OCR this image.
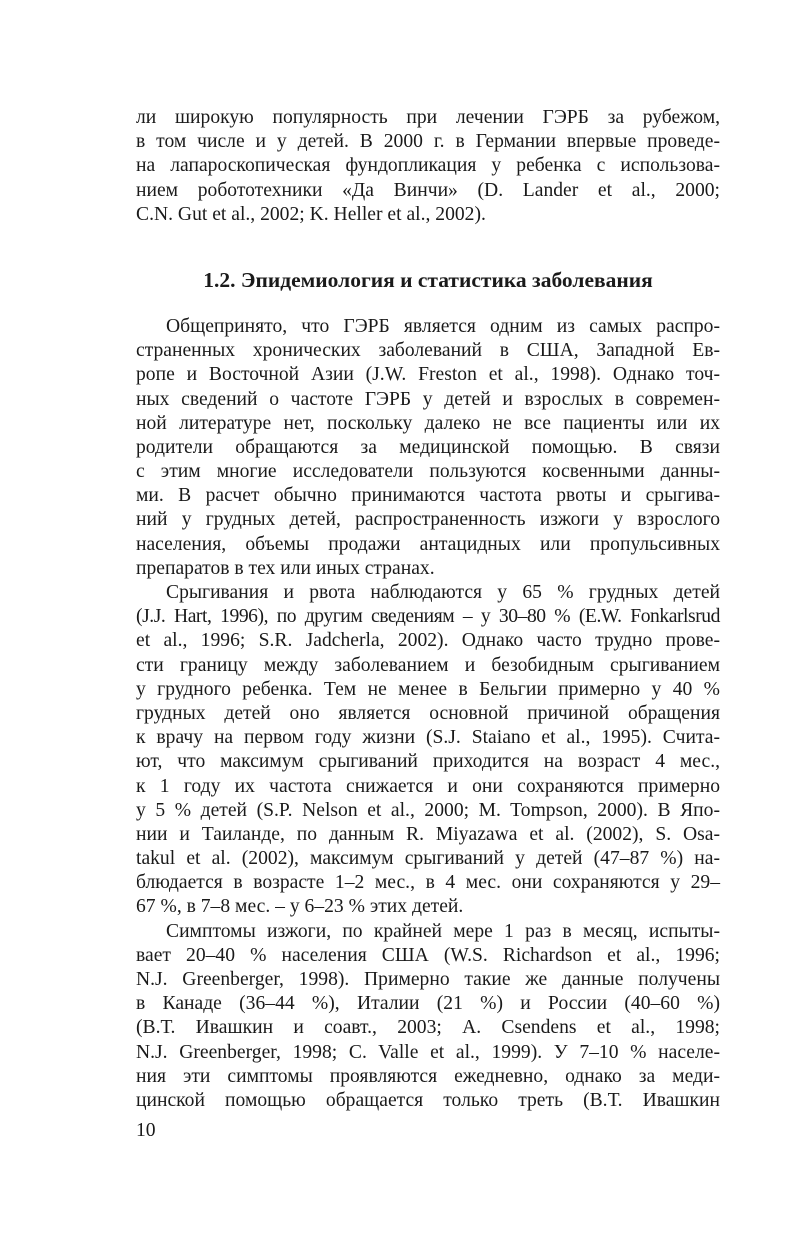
ли широкую популярность при лечении ГЭРБ за рубежом,
в том числе и у детей. В 2000 г. в Германии впервые проведе-
на лапароскопическая фундопликация у ребенка с использова-
нием робототехники «Да Винчи» (D. Lander et al., 2000;
C.N. Gut et al., 2002; K. Heller et al., 2002).
1.2. Эпидемиология и статистика заболевания
Общепринято, что ГЭРБ является одним из самых распро-
страненных хронических заболеваний в США, Западной Ев-
ропе и Восточной Азии (J.W. Freston et al., 1998). Однако точ-
ных сведений о частоте ГЭРБ у детей и взрослых в современ-
ной литературе нет, поскольку далеко не все пациенты или их
родители обращаются за медицинской помощью. В связи
с этим многие исследователи пользуются косвенными данны-
ми. В расчет обычно принимаются частота рвоты и срыгива-
ний у грудных детей, распространенность изжоги у взрослого
населения, объемы продажи антацидных или пропульсивных
препаратов в тех или иных странах.
Срыгивания и рвота наблюдаются у 65 % грудных детей
(J.J. Hart, 1996), по другим сведениям – у 30–80 % (E.W. Fonkarlsrud
et al., 1996; S.R. Jadcherla, 2002). Однако часто трудно прове-
сти границу между заболеванием и безобидным срыгиванием
у грудного ребенка. Тем не менее в Бельгии примерно у 40 %
грудных детей оно является основной причиной обращения
к врачу на первом году жизни (S.J. Staiano et al., 1995). Счита-
ют, что максимум срыгиваний приходится на возраст 4 мес.,
к 1 году их частота снижается и они сохраняются примерно
у 5 % детей (S.P. Nelson et al., 2000; M. Tompson, 2000). В Япо-
нии и Таиланде, по данным R. Miyazawa et al. (2002), S. Osa-
takul et al. (2002), максимум срыгиваний у детей (47–87 %) на-
блюдается в возрасте 1–2 мес., в 4 мес. они сохраняются у 29–
67 %, в 7–8 мес. – у 6–23 % этих детей.
Симптомы изжоги, по крайней мере 1 раз в месяц, испыты-
вает 20–40 % населения США (W.S. Richardson et al., 1996;
N.J. Greenberger, 1998). Примерно такие же данные получены
в Канаде (36–44 %), Италии (21 %) и России (40–60 %)
(В.Т. Ивашкин и соавт., 2003; A. Csendens et al., 1998;
N.J. Greenberger, 1998; C. Valle et al., 1999). У 7–10 % населе-
ния эти симптомы проявляются ежедневно, однако за меди-
цинской помощью обращается только треть (В.Т. Ивашкин
10
